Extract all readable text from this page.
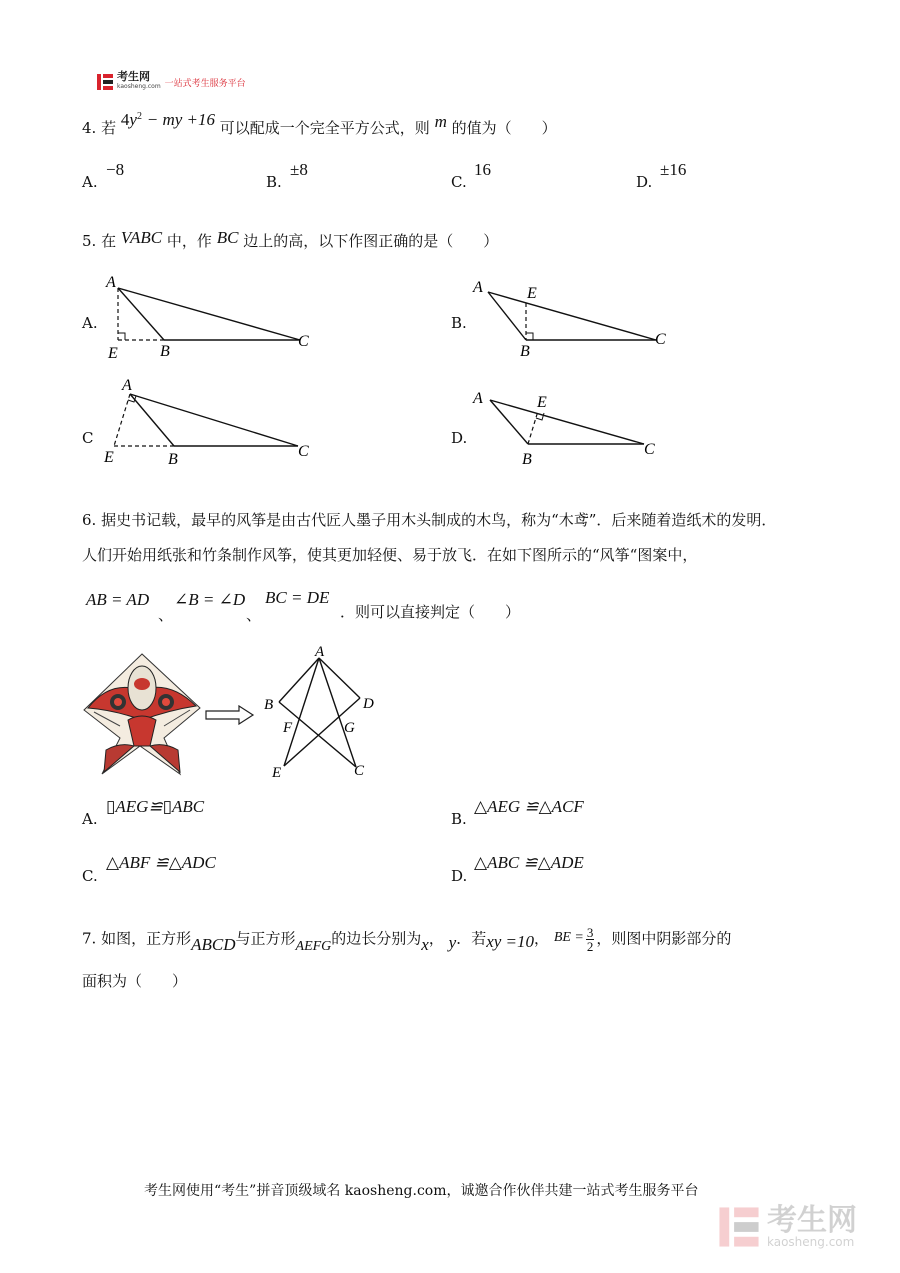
考生网
kaosheng.com 一站式考生服务平台
4. 若 $4y^2$ − my +16 可以配成一个完全平方公式，则 m 的值为（　　）
A.
−8
B.
±8
C.
16
D.
±16
5. 在 VABC 中，作 BC 边上的高，以下作图正确的是（　　）
A.
A
E	B
C
B.
A	E
B
C
C
A
E	B	C
D.
A	E
B
C
6. 据史书记载，最早的风筝是由古代匠人墨子用木头制成的木鸟，称为“木鸢”．后来随着造纸术的发明．
人们开始用纸张和竹条制作风筝，使其更加轻便、易于放飞．在如下图所示的“风筝“图案中，
AB = AD
、
∠B = ∠D
、
BC = DE
．则可以直接判定（　　）
A
B	D
F	G
E	C
A.
▯AEG≌▯ABC
B.
△AEG ≌△ACF
C.
△ABF ≌△ADC
D.
△ABC ≌△ADE
7. 如图，正方形ABCD与正方形AEFG的边长分别为x， y．若xy =10， BE = $\frac{3}{2}$ ，则图中阴影部分的
面积为（　　）
考生网使用“考生”拼音顶级域名 kaosheng.com，诚邀合作伙伴共建一站式考生服务平台
考生网
kaosheng.com
